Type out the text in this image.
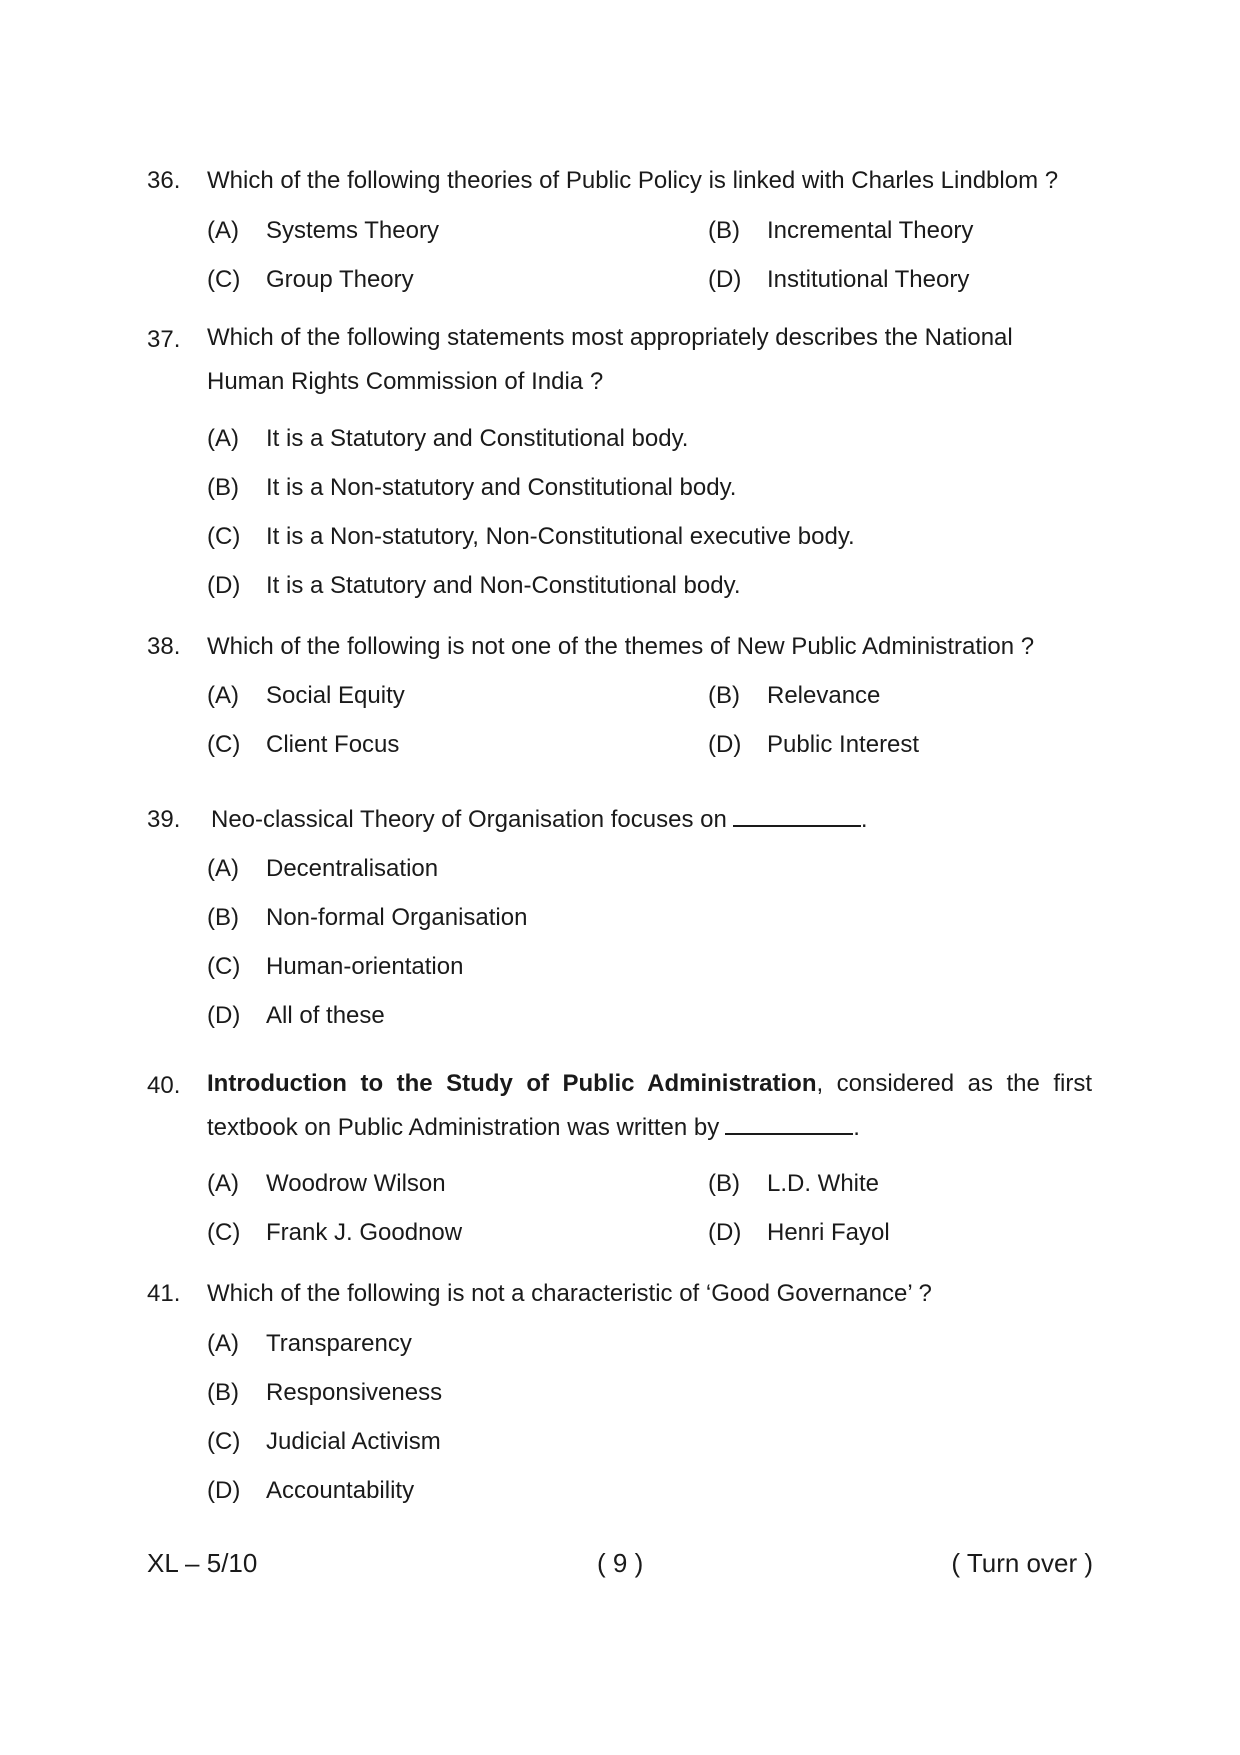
36. Which of the following theories of Public Policy is linked with Charles Lindblom ?
(A)	Systems Theory	(B)	Incremental Theory
(C)	Group Theory	(D)	Institutional Theory
37. Which of the following statements most appropriately describes the National Human Rights Commission of India ?
(A)	It is a Statutory and Constitutional body.
(B)	It is a Non-statutory and Constitutional body.
(C)	It is a Non-statutory, Non-Constitutional executive body.
(D)	It is a Statutory and Non-Constitutional body.
38. Which of the following is not one of the themes of New Public Administration ?
(A)	Social Equity	(B)	Relevance
(C)	Client Focus	(D)	Public Interest
39. Neo-classical Theory of Organisation focuses on	.
(A)	Decentralisation
(B)	Non-formal Organisation
(C)	Human-orientation
(D)	All of these
40. Introduction to the Study of Public Administration, considered as the first textbook on Public Administration was written by	.
(A)	Woodrow Wilson	(B)	L.D. White
(C)	Frank J. Goodnow	(D)	Henri Fayol
41. Which of the following is not a characteristic of ‘Good Governance’ ?
(A)	Transparency
(B)	Responsiveness
(C)	Judicial Activism
(D)	Accountability
XL – 5/10	( 9 )	( Turn over )
